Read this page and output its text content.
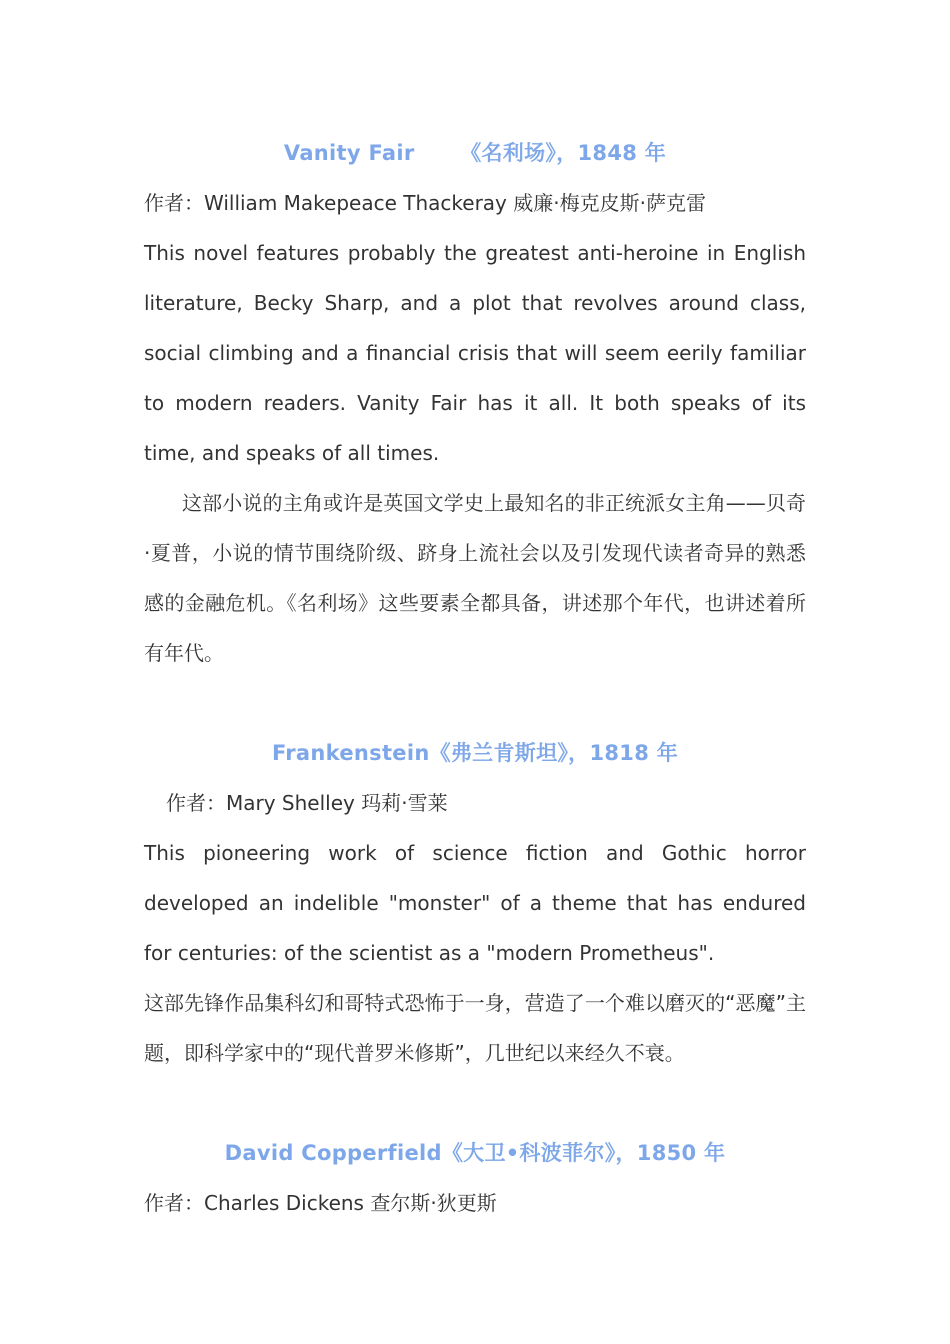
Vanity Fair      《名利场》，1848 年
作者：William Makepeace Thackeray 威廉·梅克皮斯·萨克雷

This novel features probably the greatest anti-heroine in English literature, Becky Sharp, and a plot that revolves around class, social climbing and a financial crisis that will seem eerily familiar to modern readers. Vanity Fair has it all. It both speaks of its time, and speaks of all times.

这部小说的主角或许是英国文学史上最知名的非正统派女主角——贝奇·夏普，小说的情节围绕阶级、跻身上流社会以及引发现代读者奇异的熟悉感的金融危机。《名利场》这些要素全都具备，讲述那个年代，也讲述着所有年代。

Frankenstein《弗兰肯斯坦》，1818 年
作者：Mary Shelley 玛莉·雪莱

This pioneering work of science fiction and Gothic horror developed an indelible "monster" of a theme that has endured for centuries: of the scientist as a "modern Prometheus".

这部先锋作品集科幻和哥特式恐怖于一身，营造了一个难以磨灭的“恶魔”主题，即科学家中的“现代普罗米修斯”，几世纪以来经久不衰。

David Copperfield《大卫•科波菲尔》，1850 年
作者：Charles Dickens 查尔斯·狄更斯
